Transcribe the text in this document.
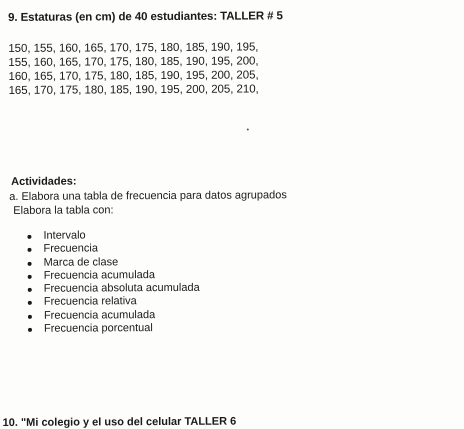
9. Estaturas (en cm) de 40 estudiantes: TALLER # 5
150, 155, 160, 165, 170, 175, 180, 185, 190, 195,
155, 160, 165, 170, 175, 180, 185, 190, 195, 200,
160, 165, 170, 175, 180, 185, 190, 195, 200, 205,
165, 170, 175, 180, 185, 190, 195, 200, 205, 210,
Actividades:
a. Elabora una tabla de frecuencia para datos agrupados
Elabora la tabla con:
Intervalo
Frecuencia
Marca de clase
Frecuencia acumulada
Frecuencia absoluta acumulada
Frecuencia relativa
Frecuencia acumulada
Frecuencia porcentual
10. "Mi colegio y el uso del celular TALLER 6
